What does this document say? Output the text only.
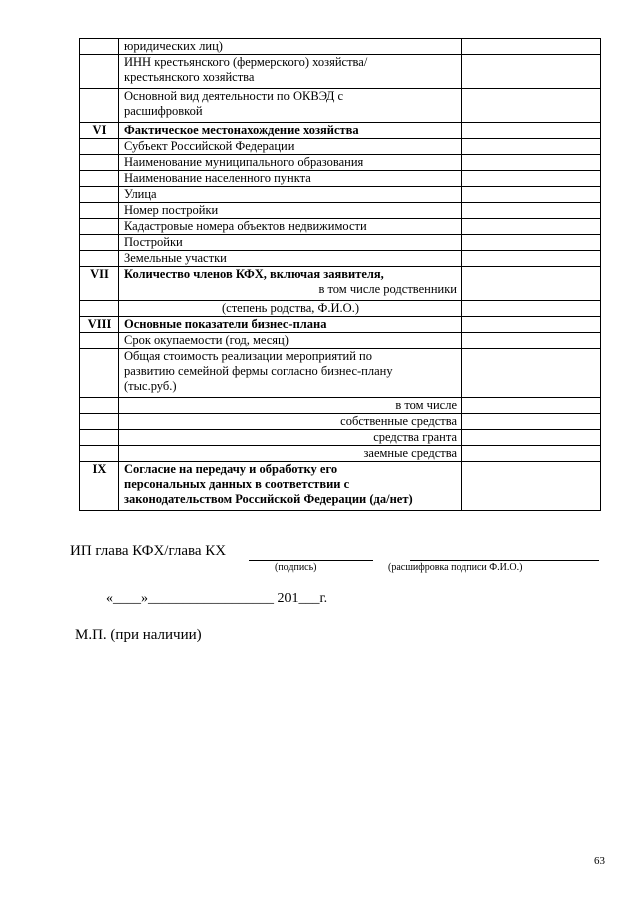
	юридических лиц)	
	ИНН крестьянского (фермерского) хозяйства/
крестьянского хозяйства	
	Основной вид деятельности по ОКВЭД с
расшифровкой	
VI	Фактическое местонахождение хозяйства	
	Субъект Российской Федерации	
	Наименование муниципального образования	
	Наименование населенного пункта	
	Улица	
	Номер постройки	
	Кадастровые номера объектов недвижимости	
	Постройки	
	Земельные участки	
VII	Количество членов КФХ, включая заявителя,
в том числе родственники	

	(степень родства, Ф.И.О.)	
VIII	Основные показатели бизнес-плана	
	Срок окупаемости (год, месяц)	
	Общая стоимость реализации мероприятий по
развитию семейной фермы согласно бизнес-плану
(тыс.руб.)	
	в том числе	
	собственные средства	
	средства гранта	
	заемные средства	
IX	Согласие на передачу и обработку его
персональных данных в соответствии с
законодательством Российской Федерации (да/нет)	
ИП глава КФХ/глава КХ
(подпись)	(расшифровка подписи Ф.И.О.)
«____»__________________ 201___г.
М.П. (при наличии)
63
